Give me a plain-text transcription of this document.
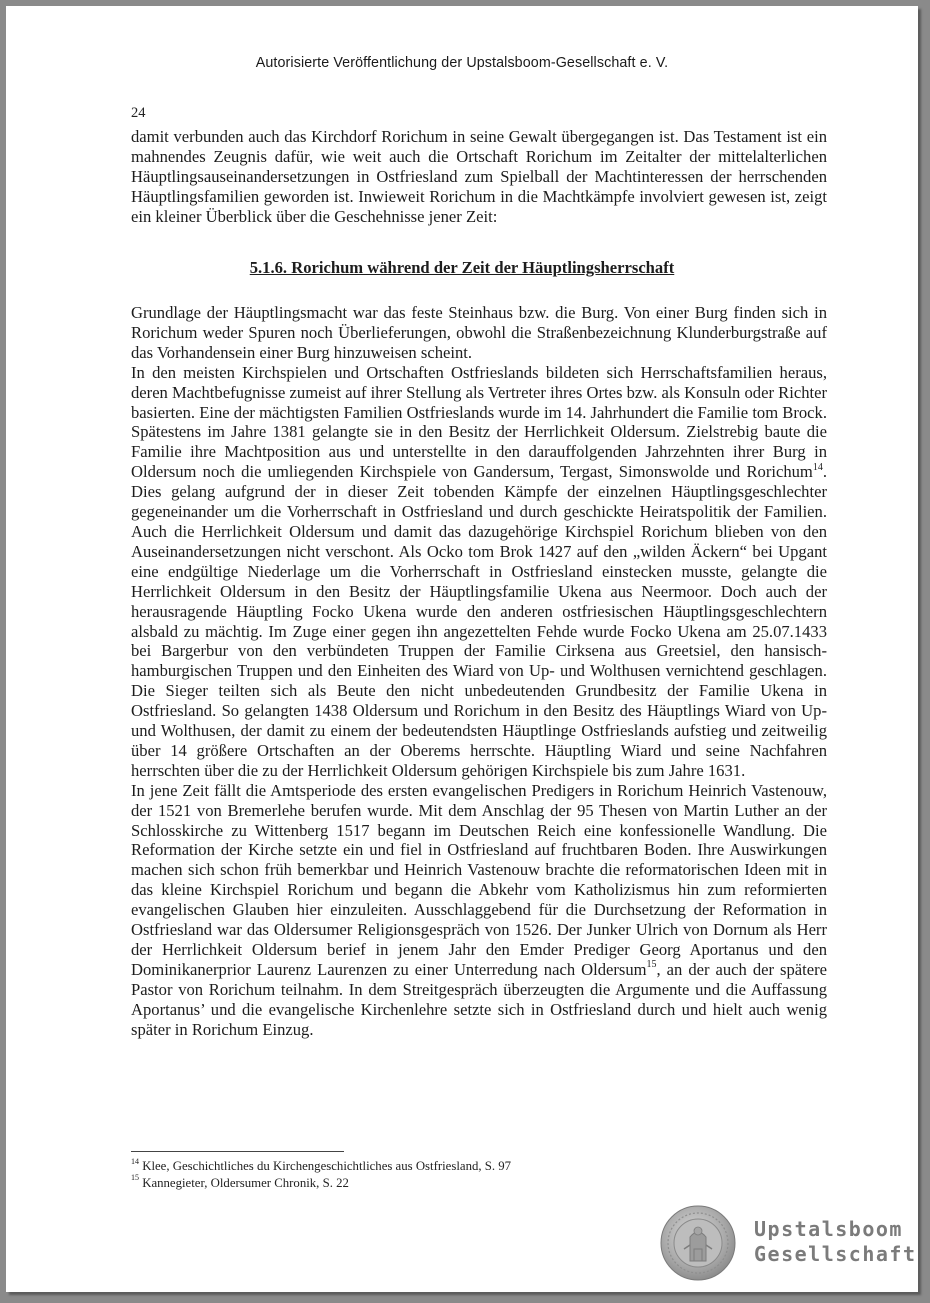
Autorisierte Veröffentlichung der Upstalsboom-Gesellschaft e. V.
24

damit verbunden auch das Kirchdorf Rorichum in seine Gewalt übergegangen ist. Das Testament ist ein mahnendes Zeugnis dafür, wie weit auch die Ortschaft Rorichum im Zeitalter der mittelalterlichen Häuptlingsauseinandersetzungen in Ostfriesland zum Spielball der Machtinteressen der herrschenden Häuptlingsfamilien geworden ist. Inwieweit Rorichum in die Machtkämpfe involviert gewesen ist, zeigt ein kleiner Überblick über die Geschehnisse jener Zeit:

5.1.6. Rorichum während der Zeit der Häuptlingsherrschaft

Grundlage der Häuptlingsmacht war das feste Steinhaus bzw. die Burg. Von einer Burg finden sich in Rorichum weder Spuren noch Überlieferungen, obwohl die Straßenbezeichnung Klunderburgstraße auf das Vorhandensein einer Burg hinzuweisen scheint.

In den meisten Kirchspielen und Ortschaften Ostfrieslands bildeten sich Herrschaftsfamilien heraus, deren Machtbefugnisse zumeist auf ihrer Stellung als Vertreter ihres Ortes bzw. als Konsuln oder Richter basierten. Eine der mächtigsten Familien Ostfrieslands wurde im 14. Jahrhundert die Familie tom Brock. Spätestens im Jahre 1381 gelangte sie in den Besitz der Herrlichkeit Oldersum. Zielstrebig baute die Familie ihre Machtposition aus und unterstellte in den darauffolgenden Jahrzehnten ihrer Burg in Oldersum noch die umliegenden Kirchspiele von Gandersum, Tergast, Simonswolde und Rorichum$^{14}$. Dies gelang aufgrund der in dieser Zeit tobenden Kämpfe der einzelnen Häuptlingsgeschlechter gegeneinander um die Vorherrschaft in Ostfriesland und durch geschickte Heiratspolitik der Familien. Auch die Herrlichkeit Oldersum und damit das dazugehörige Kirchspiel Rorichum blieben von den Auseinandersetzungen nicht verschont. Als Ocko tom Brok 1427 auf den „wilden Äckern“ bei Upgant eine endgültige Niederlage um die Vorherrschaft in Ostfriesland einstecken musste, gelangte die Herrlichkeit Oldersum in den Besitz der Häuptlingsfamilie Ukena aus Neermoor. Doch auch der herausragende Häuptling Focko Ukena wurde den anderen ostfriesischen Häuptlingsgeschlechtern alsbald zu mächtig. Im Zuge einer gegen ihn angezettelten Fehde wurde Focko Ukena am 25.07.1433 bei Bargerbur von den verbündeten Truppen der Familie Cirksena aus Greetsiel, den hansisch-hamburgischen Truppen und den Einheiten des Wiard von Up- und Wolthusen vernichtend geschlagen. Die Sieger teilten sich als Beute den nicht unbedeutenden Grundbesitz der Familie Ukena in Ostfriesland. So gelangten 1438 Oldersum und Rorichum in den Besitz des Häuptlings Wiard von Up- und Wolthusen, der damit zu einem der bedeutendsten Häuptlinge Ostfrieslands aufstieg und zeitweilig über 14 größere Ortschaften an der Oberems herrschte. Häuptling Wiard und seine Nachfahren herrschten über die zu der Herrlichkeit Oldersum gehörigen Kirchspiele bis zum Jahre 1631.

In jene Zeit fällt die Amtsperiode des ersten evangelischen Predigers in Rorichum Heinrich Vastenouw, der 1521 von Bremerlehe berufen wurde. Mit dem Anschlag der 95 Thesen von Martin Luther an der Schlosskirche zu Wittenberg 1517 begann im Deutschen Reich eine konfessionelle Wandlung. Die Reformation der Kirche setzte ein und fiel in Ostfriesland auf fruchtbaren Boden. Ihre Auswirkungen machen sich schon früh bemerkbar und Heinrich Vastenouw brachte die reformatorischen Ideen mit in das kleine Kirchspiel Rorichum und begann die Abkehr vom Katholizismus hin zum reformierten evangelischen Glauben hier einzuleiten. Ausschlaggebend für die Durchsetzung der Reformation in Ostfriesland war das Oldersumer Religionsgespräch von 1526. Der Junker Ulrich von Dornum als Herr der Herrlichkeit Oldersum berief in jenem Jahr den Emder Prediger Georg Aportanus und den Dominikanerprior Laurenz Laurenzen zu einer Unterredung nach Oldersum$^{15}$, an der auch der spätere Pastor von Rorichum teilnahm. In dem Streitgespräch überzeugten die Argumente und die Auffassung Aportanus’ und die evangelische Kirchenlehre setzte sich in Ostfriesland durch und hielt auch wenig später in Rorichum Einzug.

$^{14}$ Klee, Geschichtliches du Kirchengeschichtliches aus Ostfriesland, S. 97
$^{15}$ Kannegieter, Oldersumer Chronik, S. 22
Upstalsboom
Gesellschaft
